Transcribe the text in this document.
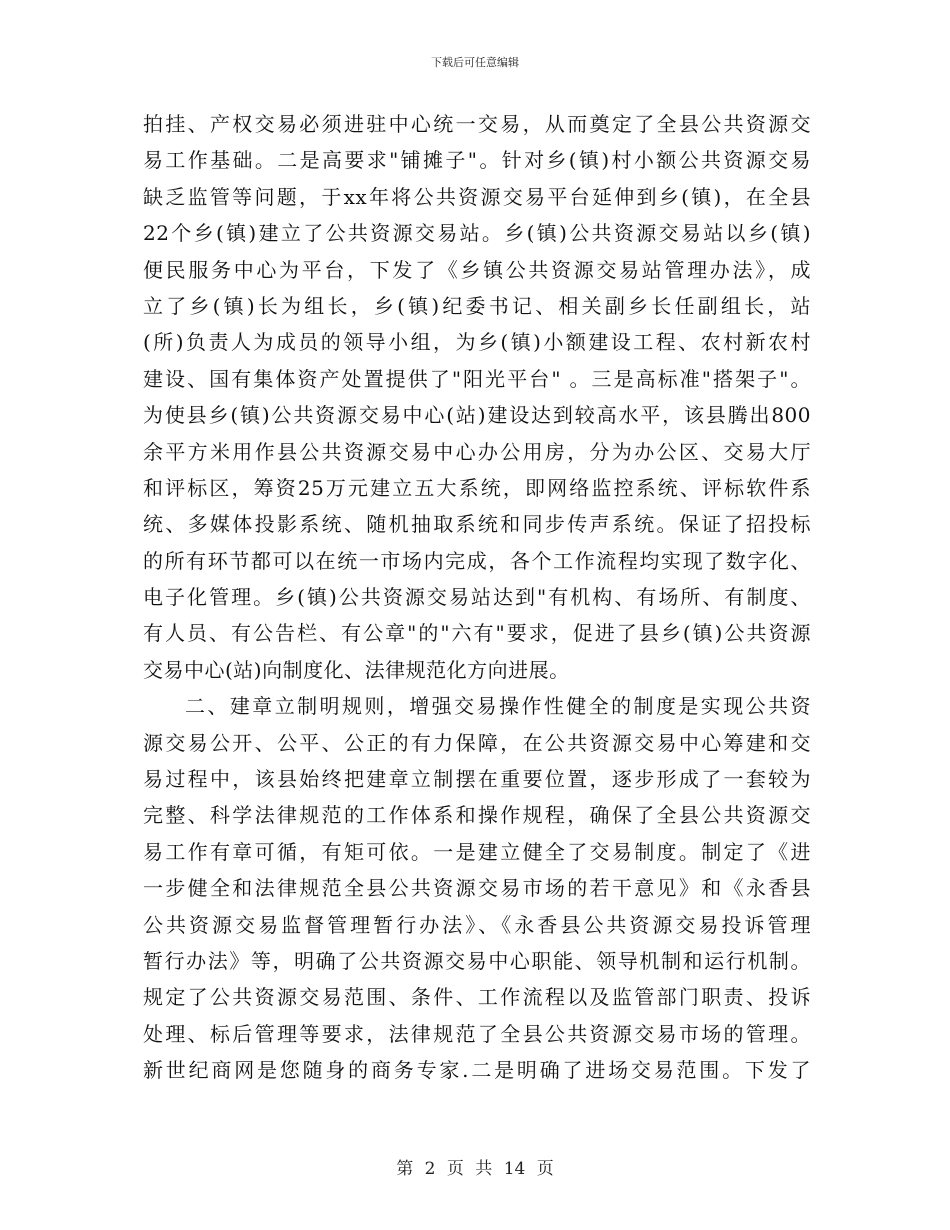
下载后可任意编辑
拍挂、产权交易必须进驻中心统一交易，从而奠定了全县公共资源交
易工作基础。二是高要求"铺摊子"。针对乡(镇)村小额公共资源交易
缺乏监管等问题，于xx年将公共资源交易平台延伸到乡(镇)，在全县
22个乡(镇)建立了公共资源交易站。乡(镇)公共资源交易站以乡(镇)
便民服务中心为平台，下发了《乡镇公共资源交易站管理办法》，成
立了乡(镇)长为组长，乡(镇)纪委书记、相关副乡长任副组长，站
(所)负责人为成员的领导小组，为乡(镇)小额建设工程、农村新农村
建设、国有集体资产处置提供了"阳光平台" 。三是高标准"搭架子"。
为使县乡(镇)公共资源交易中心(站)建设达到较高水平，该县腾出800
余平方米用作县公共资源交易中心办公用房，分为办公区、交易大厅
和评标区，筹资25万元建立五大系统，即网络监控系统、评标软件系
统、多媒体投影系统、随机抽取系统和同步传声系统。保证了招投标
的所有环节都可以在统一市场内完成，各个工作流程均实现了数字化、
电子化管理。乡(镇)公共资源交易站达到"有机构、有场所、有制度、
有人员、有公告栏、有公章"的"六有"要求，促进了县乡(镇)公共资源
交易中心(站)向制度化、法律规范化方向进展。
二、建章立制明规则，增强交易操作性健全的制度是实现公共资
源交易公开、公平、公正的有力保障，在公共资源交易中心筹建和交
易过程中，该县始终把建章立制摆在重要位置，逐步形成了一套较为
完整、科学法律规范的工作体系和操作规程，确保了全县公共资源交
易工作有章可循，有矩可依。一是建立健全了交易制度。制定了《进
一步健全和法律规范全县公共资源交易市场的若干意见》和《永香县
公共资源交易监督管理暂行办法》、《永香县公共资源交易投诉管理
暂行办法》等，明确了公共资源交易中心职能、领导机制和运行机制。
规定了公共资源交易范围、条件、工作流程以及监管部门职责、投诉
处理、标后管理等要求，法律规范了全县公共资源交易市场的管理。
新世纪商网是您随身的商务专家.二是明确了进场交易范围。下发了
第 2 页 共 14 页
